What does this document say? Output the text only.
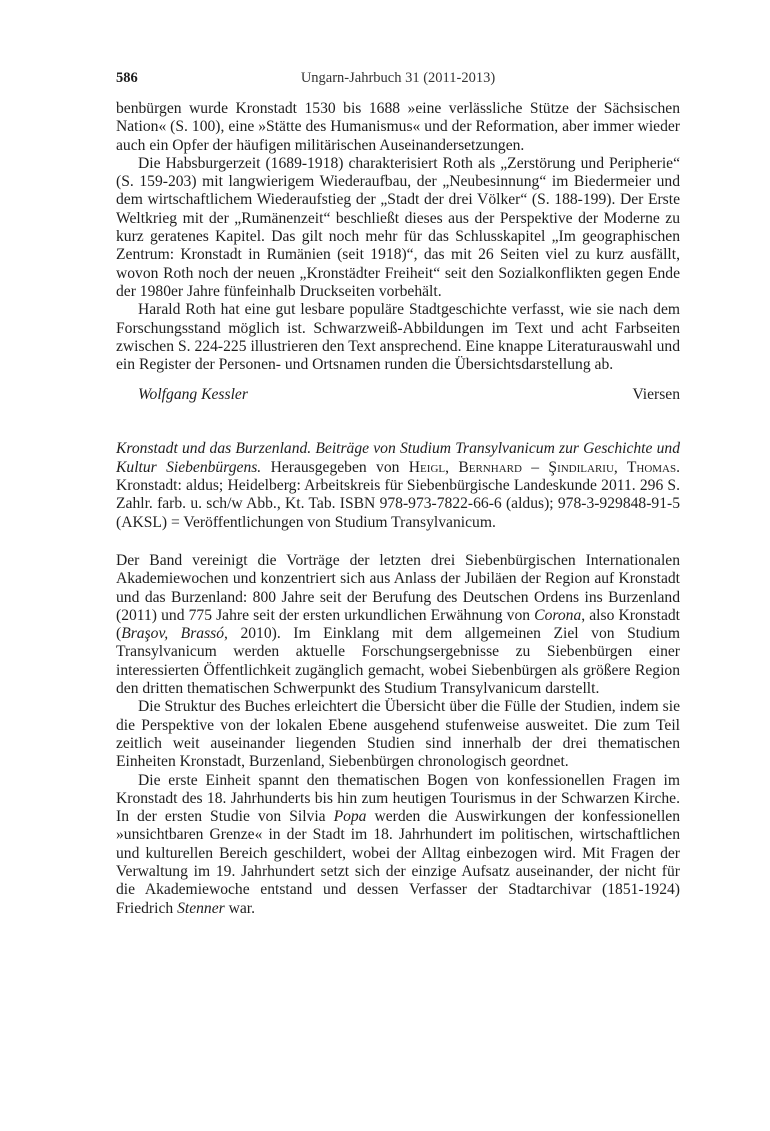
Ungarn-Jahrbuch 31 (2011-2013)
586

benbürgen wurde Kronstadt 1530 bis 1688 »eine verlässliche Stütze der Sächsischen Nation« (S. 100), eine »Stätte des Humanismus« und der Reformation, aber immer wieder auch ein Opfer der häufigen militärischen Auseinandersetzungen.

Die Habsburgerzeit (1689-1918) charakterisiert Roth als „Zerstörung und Peripherie“ (S. 159-203) mit langwierigem Wiederaufbau, der „Neubesinnung“ im Biedermeier und dem wirtschaftlichem Wiederaufstieg der „Stadt der drei Völker“ (S. 188-199). Der Erste Weltkrieg mit der „Rumänenzeit“ beschließt dieses aus der Perspektive der Moderne zu kurz geratenes Kapitel. Das gilt noch mehr für das Schlusskapitel „Im geographischen Zentrum: Kronstadt in Rumänien (seit 1918)“, das mit 26 Seiten viel zu kurz ausfällt, wovon Roth noch der neuen „Kronstädter Freiheit“ seit den Sozialkonflikten gegen Ende der 1980er Jahre fünfeinhalb Druckseiten vorbehält.

Harald Roth hat eine gut lesbare populäre Stadtgeschichte verfasst, wie sie nach dem Forschungsstand möglich ist. Schwarzweiß-Abbildungen im Text und acht Farbseiten zwischen S. 224-225 illustrieren den Text ansprechend. Eine knappe Literaturauswahl und ein Register der Personen- und Ortsnamen runden die Übersichtsdarstellung ab.

Wolfgang Kessler	Viersen

Kronstadt und das Burzenland. Beiträge von Studium Transylvanicum zur Geschichte und Kultur Siebenbürgens. Herausgegeben von Heigl, Bernhard – Şindilariu, Thomas. Kronstadt: aldus; Heidelberg: Arbeitskreis für Siebenbürgische Landeskunde 2011. 296 S. Zahlr. farb. u. sch/w Abb., Kt. Tab. ISBN 978-973-7822-66-6 (aldus); 978-3-929848-91-5 (AKSL) = Veröffentlichungen von Studium Transylvanicum.

Der Band vereinigt die Vorträge der letzten drei Siebenbürgischen Internationalen Akademiewochen und konzentriert sich aus Anlass der Jubiläen der Region auf Kronstadt und das Burzenland: 800 Jahre seit der Berufung des Deutschen Ordens ins Burzenland (2011) und 775 Jahre seit der ersten urkundlichen Erwähnung von Corona, also Kronstadt (Braşov, Brassó, 2010). Im Einklang mit dem allgemeinen Ziel von Studium Transylvanicum werden aktuelle Forschungsergebnisse zu Siebenbürgen einer interessierten Öffentlichkeit zugänglich gemacht, wobei Siebenbürgen als größere Region den dritten thematischen Schwerpunkt des Studium Transylvanicum darstellt.

Die Struktur des Buches erleichtert die Übersicht über die Fülle der Studien, indem sie die Perspektive von der lokalen Ebene ausgehend stufenweise ausweitet. Die zum Teil zeitlich weit auseinander liegenden Studien sind innerhalb der drei thematischen Einheiten Kronstadt, Burzenland, Siebenbürgen chronologisch geordnet.

Die erste Einheit spannt den thematischen Bogen von konfessionellen Fragen im Kronstadt des 18. Jahrhunderts bis hin zum heutigen Tourismus in der Schwarzen Kirche. In der ersten Studie von Silvia Popa werden die Auswirkungen der konfessionellen »unsichtbaren Grenze« in der Stadt im 18. Jahrhundert im politischen, wirtschaftlichen und kulturellen Bereich geschildert, wobei der Alltag einbezogen wird. Mit Fragen der Verwaltung im 19. Jahrhundert setzt sich der einzige Aufsatz auseinander, der nicht für die Akademiewoche entstand und dessen Verfasser der Stadtarchivar (1851-1924) Friedrich Stenner war.
